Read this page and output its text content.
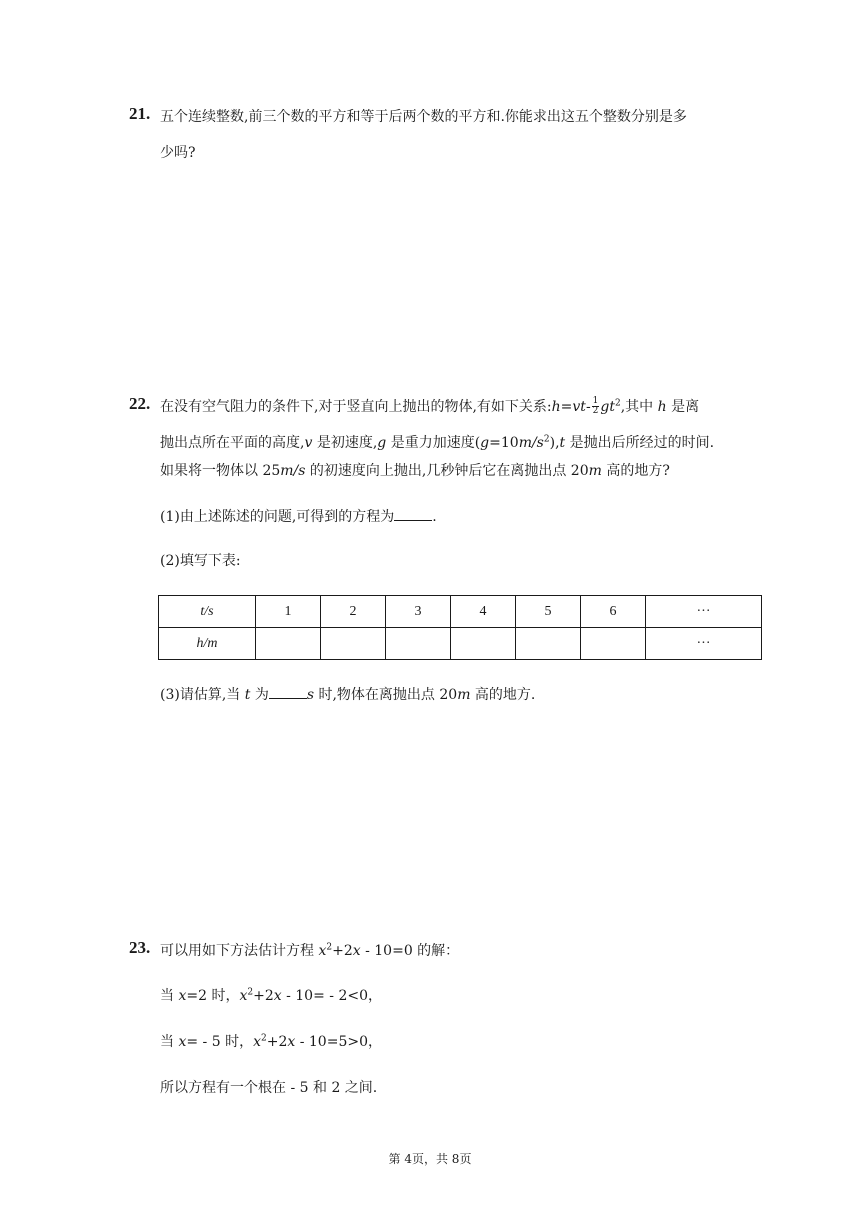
21. 五个连续整数,前三个数的平方和等于后两个数的平方和.你能求出这五个整数分别是多
少吗?
22. 在没有空气阻力的条件下,对于竖直向上抛出的物体,有如下关系:h=vt- $\frac{1}{2} gt^2$,其中 h 是离
抛出点所在平面的高度,v 是初速度,g 是重力加速度$(g=10m/s^2),t$ 是抛出后所经过的时间.
如果将一物体以 25m/s 的初速度向上抛出,几秒钟后它在离抛出点 20m 高的地方?
(1)由上述陈述的问题,可得到的方程为	.
(2)填写下表:
t/s	1	2	3	4	5	6	···
h/m							···
(3)请估算,当 t 为	s 时,物体在离抛出点 20m 高的地方.
23. 可以用如下方法估计方程 $x^2+2x - 10=0$ 的解：
当 x=2 时，$x^2+2x - 10= - 2<0$，
当 x= - 5 时，$x^2+2x - 10=5>0$，
所以方程有一个根在 - 5 和 2 之间.
第 4页，共 8页
